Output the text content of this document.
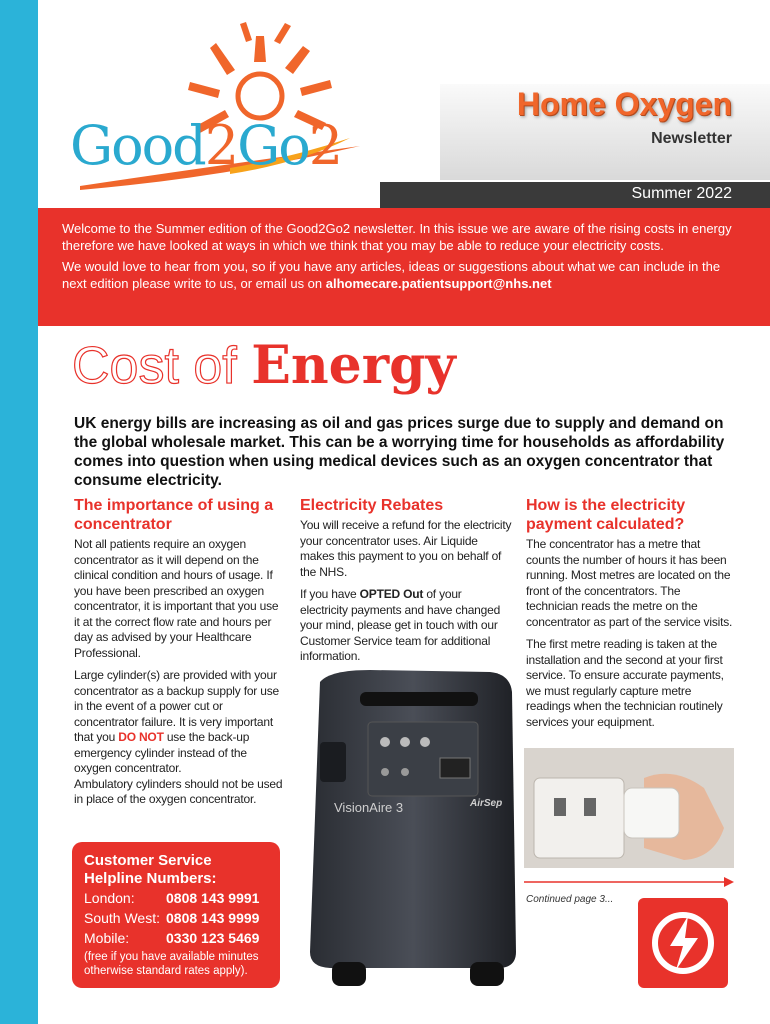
Good2Go2
Home Oxygen
Newsletter
Summer 2022

Welcome to the Summer edition of the Good2Go2 newsletter. In this issue we are aware of the rising costs in energy therefore we have looked at ways in which we think that you may be able to reduce your electricity costs.

We would love to hear from you, so if you have any articles, ideas or suggestions about what we can include in the next edition please write to us, or email us on alhomecare.patientsupport@nhs.net

Cost of Energy
UK energy bills are increasing as oil and gas prices surge due to supply and demand on the global wholesale market. This can be a worrying time for households as affordability comes into question when using medical devices such as an oxygen concentrator that consume electricity.
The importance of using a concentrator

Not all patients require an oxygen concentrator as it will depend on the clinical condition and hours of usage. If you have been prescribed an oxygen concentrator, it is important that you use it at the correct flow rate and hours per day as advised by your Healthcare Professional.

Large cylinder(s) are provided with your concentrator as a backup supply for use in the event of a power cut or concentrator failure. It is very important that you DO NOT use the back-up emergency cylinder instead of the oxygen concentrator.
Ambulatory cylinders should not be used in place of the oxygen concentrator.

Electricity Rebates

You will receive a refund for the electricity your concentrator uses. Air Liquide makes this payment to you on behalf of the NHS.

If you have OPTED Out of your electricity payments and have changed your mind, please get in touch with our Customer Service team for additional information.

How is the electricity payment calculated?

The concentrator has a metre that counts the number of hours it has been running. Most metres are located on the front of the concentrators. The technician reads the metre on the concentrator as part of the service visits.

The first metre reading is taken at the installation and the second at your first service. To ensure accurate payments, we must regularly capture metre readings when the technician routinely services your equipment.

VisionAire 3	AirSep
Continued page 3...
Customer Service Helpline Numbers:
London:	0808 143 9991
South West: 0808 143 9999
Mobile:	0330 123 5469
(free if you have available minutes otherwise standard rates apply).
